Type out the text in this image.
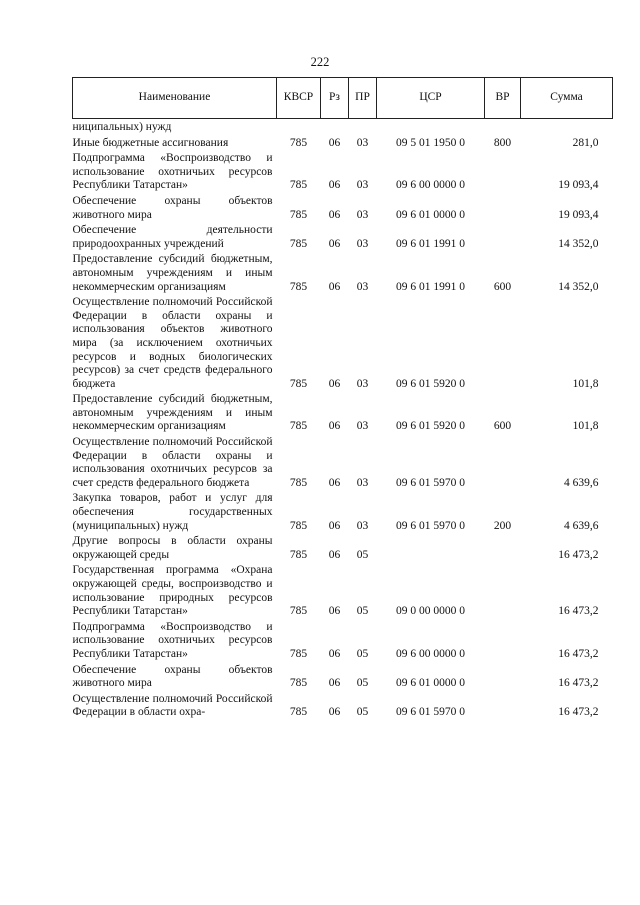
222
Наименование	КВСР	Рз	ПР	ЦСР	ВР	Сумма
ниципальных) нужд						
Иные бюджетные ассигнования	785	06	03	09 5 01 1950 0	800	281,0
Подпрограмма «Воспроизводство и использование охотничьих ресурсов Республики Татарстан»	785	06	03	09 6 00 0000 0		19 093,4
Обеспечение охраны объектов животного мира	785	06	03	09 6 01 0000 0		19 093,4
Обеспечение деятельности природоохранных учреждений	785	06	03	09 6 01 1991 0		14 352,0
Предоставление субсидий бюджетным, автономным учреждениям и иным некоммерческим организациям	785	06	03	09 6 01 1991 0	600	14 352,0
Осуществление полномочий Российской Федерации в области охраны и использования объектов животного мира (за исключением охотничьих ресурсов и водных биологических ресурсов) за счет средств федерального бюджета	785	06	03	09 6 01 5920 0		101,8
Предоставление субсидий бюджетным, автономным учреждениям и иным некоммерческим организациям	785	06	03	09 6 01 5920 0	600	101,8
Осуществление полномочий Российской Федерации в области охраны и использования охотничьих ресурсов за счет средств федерального бюджета	785	06	03	09 6 01 5970 0		4 639,6
Закупка товаров, работ и услуг для обеспечения государственных (муниципальных) нужд	785	06	03	09 6 01 5970 0	200	4 639,6
Другие вопросы в области охраны окружающей среды	785	06	05			16 473,2
Государственная программа «Охрана окружающей среды, воспроизводство и использование природных ресурсов Республики Татарстан»	785	06	05	09 0 00 0000 0		16 473,2
Подпрограмма «Воспроизводство и использование охотничьих ресурсов Республики Татарстан»	785	06	05	09 6 00 0000 0		16 473,2
Обеспечение охраны объектов животного мира	785	06	05	09 6 01 0000 0		16 473,2
Осуществление полномочий Российской Федерации в области охра-	785	06	05	09 6 01 5970 0		16 473,2
